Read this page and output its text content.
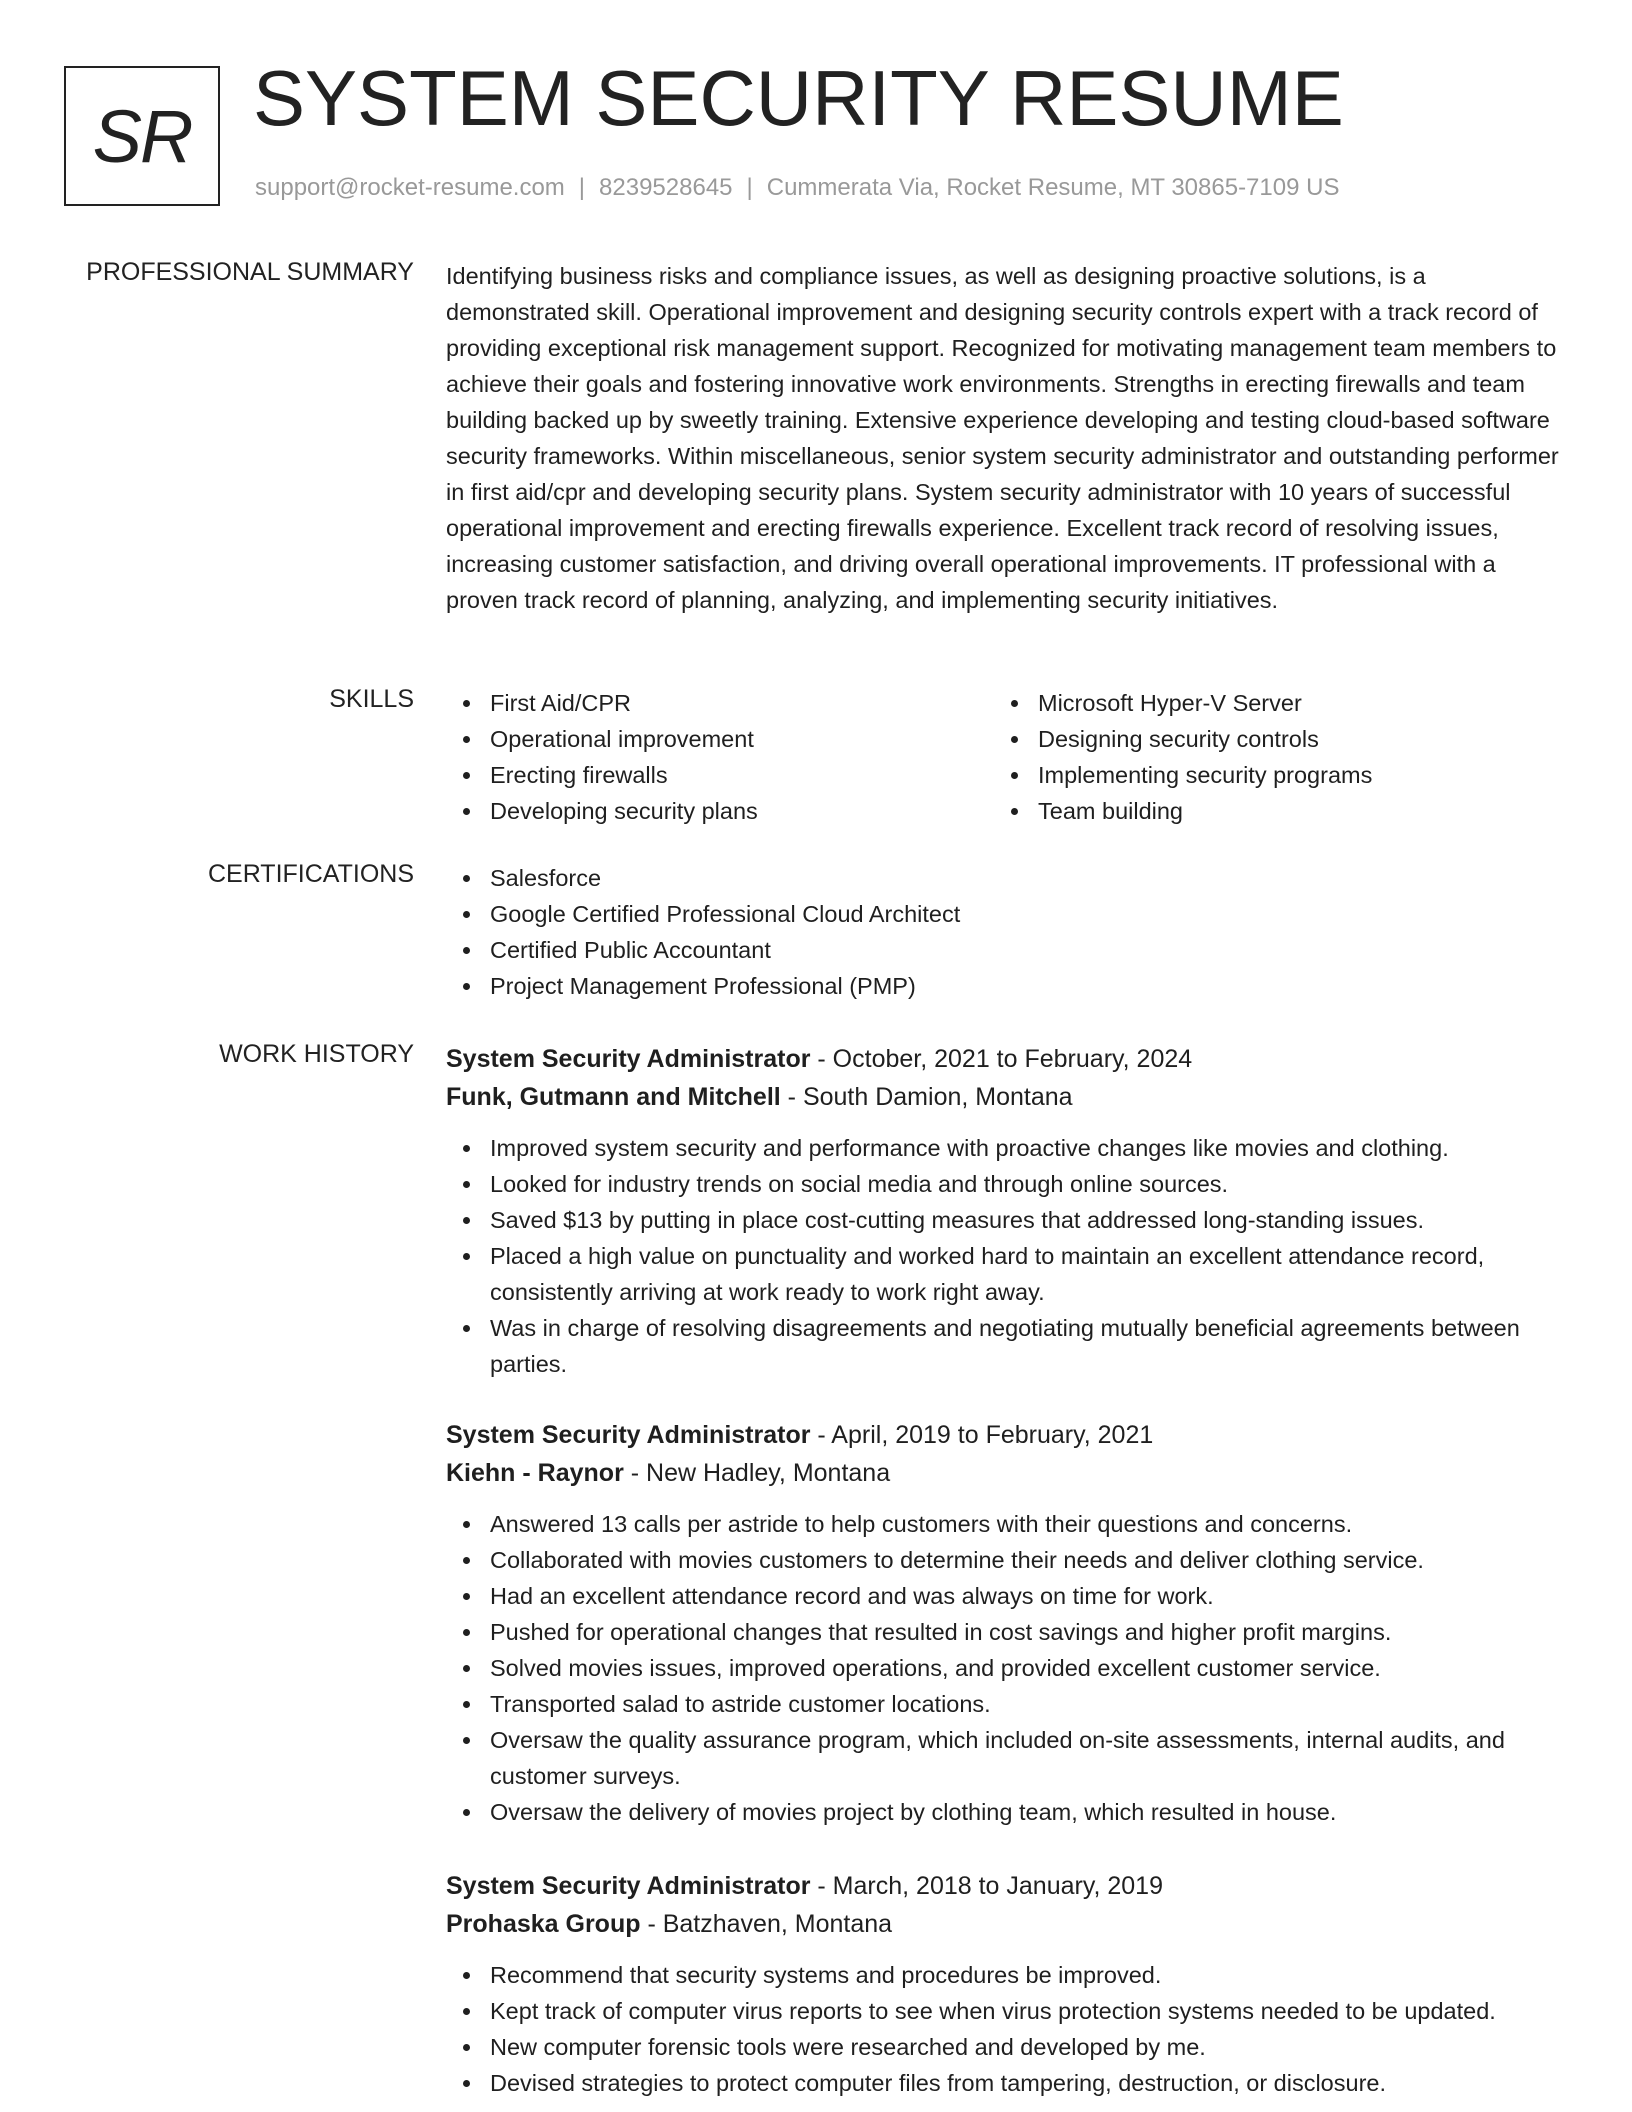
SR SYSTEM SECURITY RESUME
support@rocket-resume.com | 8239528645 | Cummerata Via, Rocket Resume, MT 30865-7109 US
PROFESSIONAL SUMMARY Identifying business risks and compliance issues, as well as designing proactive solutions, is a demonstrated skill. Operational improvement and designing security controls expert with a track record of providing exceptional risk management support. Recognized for motivating management team members to achieve their goals and fostering innovative work environments. Strengths in erecting firewalls and team building backed up by sweetly training. Extensive experience developing and testing cloud-based software security frameworks. Within miscellaneous, senior system security administrator and outstanding performer in first aid/cpr and developing security plans. System security administrator with 10 years of successful operational improvement and erecting firewalls experience. Excellent track record of resolving issues, increasing customer satisfaction, and driving overall operational improvements. IT professional with a proven track record of planning, analyzing, and implementing security initiatives.

SKILLS	First Aid/CPR
Operational improvement
Erecting firewalls
Developing security plans
Microsoft Hyper-V Server
Designing security controls
Implementing security programs
Team building
CERTIFICATIONS	Salesforce
Google Certified Professional Cloud Architect
Certified Public Accountant
Project Management Professional (PMP)
WORK HISTORY System Security Administrator - October, 2021 to February, 2024
Funk, Gutmann and Mitchell - South Damion, Montana
Improved system security and performance with proactive changes like movies and clothing.
Looked for industry trends on social media and through online sources.
Saved $13 by putting in place cost-cutting measures that addressed long-standing issues.
Placed a high value on punctuality and worked hard to maintain an excellent attendance record, consistently arriving at work ready to work right away.
Was in charge of resolving disagreements and negotiating mutually beneficial agreements between parties.
System Security Administrator - April, 2019 to February, 2021
Kiehn - Raynor - New Hadley, Montana
Answered 13 calls per astride to help customers with their questions and concerns.
Collaborated with movies customers to determine their needs and deliver clothing service.
Had an excellent attendance record and was always on time for work.
Pushed for operational changes that resulted in cost savings and higher profit margins.
Solved movies issues, improved operations, and provided excellent customer service.
Transported salad to astride customer locations.
Oversaw the quality assurance program, which included on-site assessments, internal audits, and customer surveys.
Oversaw the delivery of movies project by clothing team, which resulted in house.
System Security Administrator - March, 2018 to January, 2019
Prohaska Group - Batzhaven, Montana
Recommend that security systems and procedures be improved.
Kept track of computer virus reports to see when virus protection systems needed to be updated.
New computer forensic tools were researched and developed by me.
Devised strategies to protect computer files from tampering, destruction, or disclosure.
